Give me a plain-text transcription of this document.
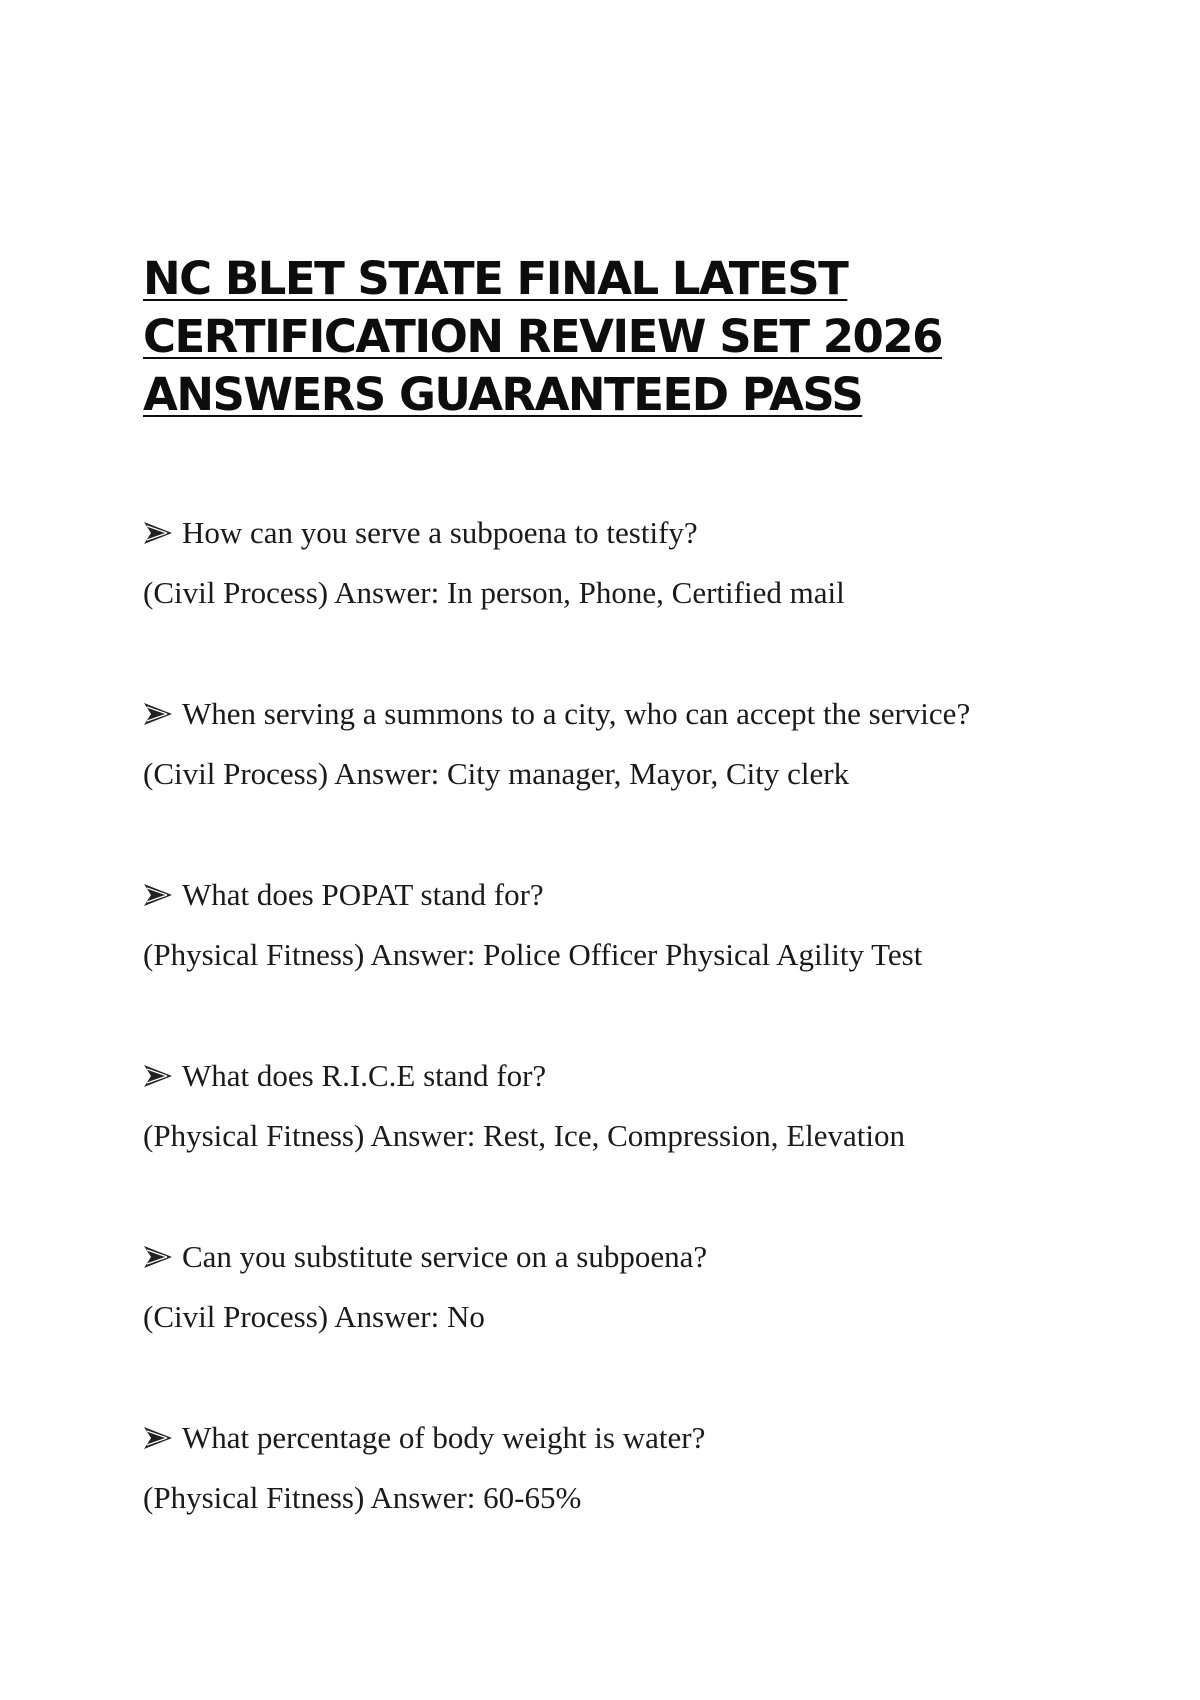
NC BLET STATE FINAL LATEST
CERTIFICATION REVIEW SET 2026
ANSWERS GUARANTEED PASS
How can you serve a subpoena to testify?
(Civil Process) Answer: In person, Phone, Certified mail
When serving a summons to a city, who can accept the service?
(Civil Process) Answer: City manager, Mayor, City clerk
What does POPAT stand for?
(Physical Fitness) Answer: Police Officer Physical Agility Test
What does R.I.C.E stand for?
(Physical Fitness) Answer: Rest, Ice, Compression, Elevation
Can you substitute service on a subpoena?
(Civil Process) Answer: No
What percentage of body weight is water?
(Physical Fitness) Answer: 60-65%
